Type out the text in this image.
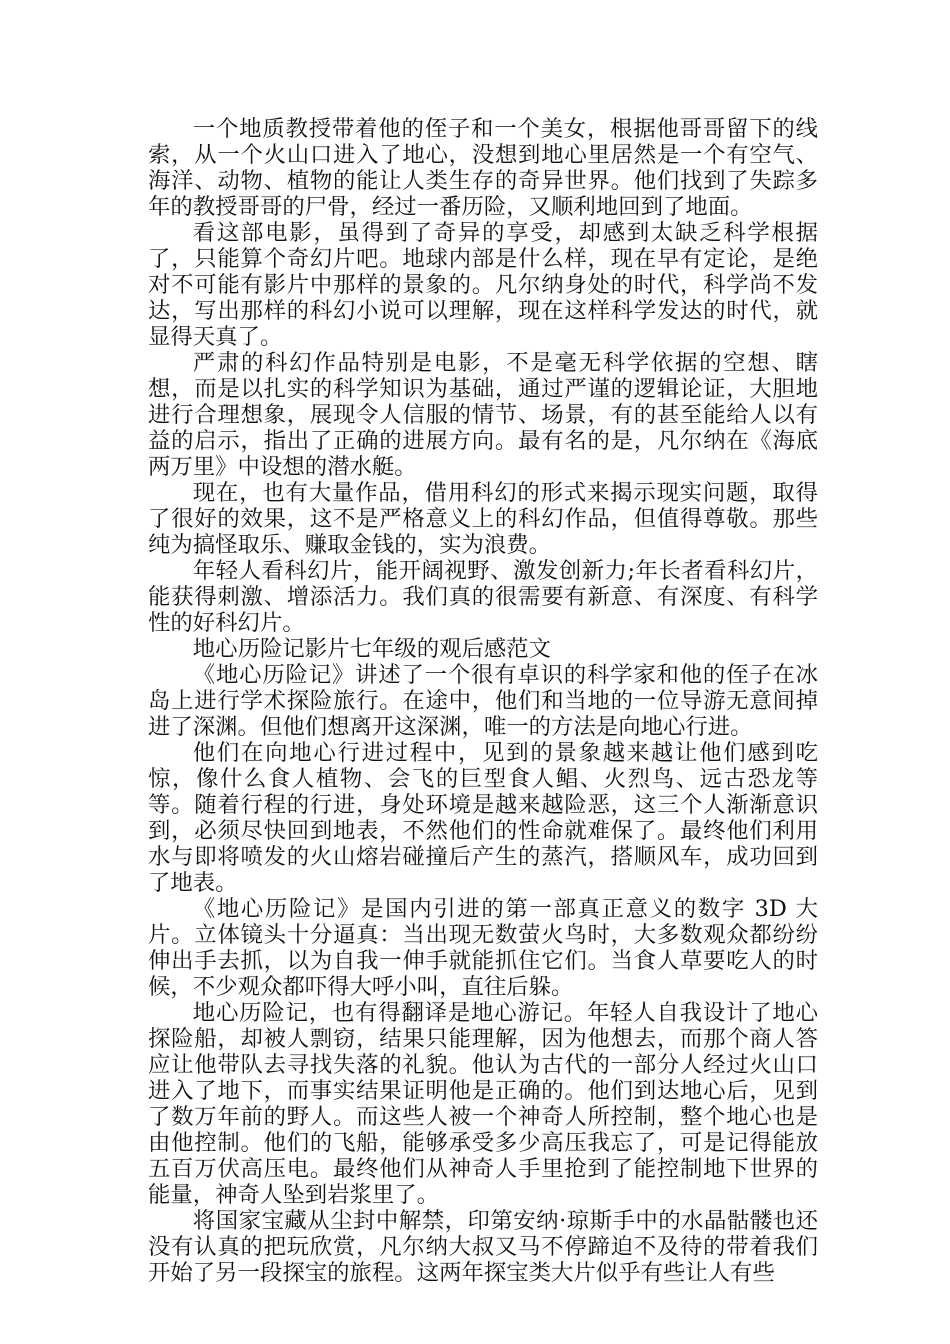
一个地质教授带着他的侄子和一个美女，根据他哥哥留下的线索，从一个火山口进入了地心，没想到地心里居然是一个有空气、海洋、动物、植物的能让人类生存的奇异世界。他们找到了失踪多年的教授哥哥的尸骨，经过一番历险，又顺利地回到了地面。

看这部电影，虽得到了奇异的享受，却感到太缺乏科学根据了，只能算个奇幻片吧。地球内部是什么样，现在早有定论，是绝对不可能有影片中那样的景象的。凡尔纳身处的时代，科学尚不发达，写出那样的科幻小说可以理解，现在这样科学发达的时代，就显得天真了。

严肃的科幻作品特别是电影，不是毫无科学依据的空想、瞎想，而是以扎实的科学知识为基础，通过严谨的逻辑论证，大胆地进行合理想象，展现令人信服的情节、场景，有的甚至能给人以有益的启示，指出了正确的进展方向。最有名的是，凡尔纳在《海底两万里》中设想的潜水艇。

现在，也有大量作品，借用科幻的形式来揭示现实问题，取得了很好的效果，这不是严格意义上的科幻作品，但值得尊敬。那些纯为搞怪取乐、赚取金钱的，实为浪费。

年轻人看科幻片，能开阔视野、激发创新力;年长者看科幻片，能获得刺激、增添活力。我们真的很需要有新意、有深度、有科学性的好科幻片。

地心历险记影片七年级的观后感范文

《地心历险记》讲述了一个很有卓识的科学家和他的侄子在冰岛上进行学术探险旅行。在途中，他们和当地的一位导游无意间掉进了深渊。但他们想离开这深渊，唯一的方法是向地心行进。

他们在向地心行进过程中，见到的景象越来越让他们感到吃惊，像什么食人植物、会飞的巨型食人鲳、火烈鸟、远古恐龙等等。随着行程的行进，身处环境是越来越险恶，这三个人渐渐意识到，必须尽快回到地表，不然他们的性命就难保了。最终他们利用水与即将喷发的火山熔岩碰撞后产生的蒸汽，搭顺风车，成功回到了地表。

《地心历险记》是国内引进的第一部真正意义的数字 3D 大片。立体镜头十分逼真：当出现无数萤火鸟时，大多数观众都纷纷伸出手去抓，以为自我一伸手就能抓住它们。当食人草要吃人的时候，不少观众都吓得大呼小叫，直往后躲。

地心历险记，也有得翻译是地心游记。年轻人自我设计了地心探险船，却被人剽窃，结果只能理解，因为他想去，而那个商人答应让他带队去寻找失落的礼貌。他认为古代的一部分人经过火山口进入了地下，而事实结果证明他是正确的。他们到达地心后，见到了数万年前的野人。而这些人被一个神奇人所控制，整个地心也是由他控制。他们的飞船，能够承受多少高压我忘了，可是记得能放五百万伏高压电。最终他们从神奇人手里抢到了能控制地下世界的能量，神奇人坠到岩浆里了。

将国家宝藏从尘封中解禁，印第安纳·琼斯手中的水晶骷髅也还没有认真的把玩欣赏，凡尔纳大叔又马不停蹄迫不及待的带着我们开始了另一段探宝的旅程。这两年探宝类大片似乎有些让人有些
